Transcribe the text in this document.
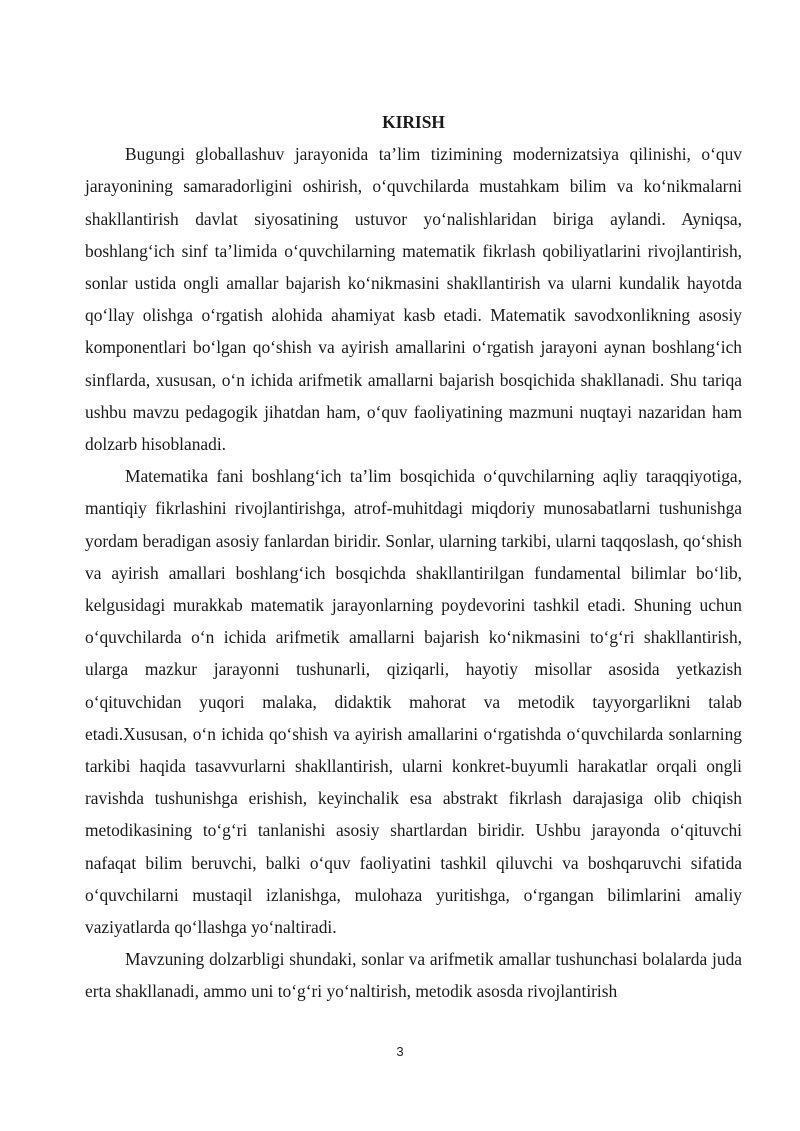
KIRISH

Bugungi globallashuv jarayonida ta’lim tizimining modernizatsiya qilinishi, o‘quv jarayonining samaradorligini oshirish, o‘quvchilarda mustahkam bilim va ko‘nikmalarni shakllantirish davlat siyosatining ustuvor yo‘nalishlaridan biriga aylandi. Ayniqsa, boshlang‘ich sinf ta’limida o‘quvchilarning matematik fikrlash qobiliyatlarini rivojlantirish, sonlar ustida ongli amallar bajarish ko‘nikmasini shakllantirish va ularni kundalik hayotda qo‘llay olishga o‘rgatish alohida ahamiyat kasb etadi. Matematik savodxonlikning asosiy komponentlari bo‘lgan qo‘shish va ayirish amallarini o‘rgatish jarayoni aynan boshlang‘ich sinflarda, xususan, o‘n ichida arifmetik amallarni bajarish bosqichida shakllanadi. Shu tariqa ushbu mavzu pedagogik jihatdan ham, o‘quv faoliyatining mazmuni nuqtayi nazaridan ham dolzarb hisoblanadi.

Matematika fani boshlang‘ich ta’lim bosqichida o‘quvchilarning aqliy taraqqiyotiga, mantiqiy fikrlashini rivojlantirishga, atrof-muhitdagi miqdoriy munosabatlarni tushunishga yordam beradigan asosiy fanlardan biridir. Sonlar, ularning tarkibi, ularni taqqoslash, qo‘shish va ayirish amallari boshlang‘ich bosqichda shakllantirilgan fundamental bilimlar bo‘lib, kelgusidagi murakkab matematik jarayonlarning poydevorini tashkil etadi. Shuning uchun o‘quvchilarda o‘n ichida arifmetik amallarni bajarish ko‘nikmasini to‘g‘ri shakllantirish, ularga mazkur jarayonni tushunarli, qiziqarli, hayotiy misollar asosida yetkazish o‘qituvchidan yuqori malaka, didaktik mahorat va metodik tayyorgarlikni talab etadi.Xususan, o‘n ichida qo‘shish va ayirish amallarini o‘rgatishda o‘quvchilarda sonlarning tarkibi haqida tasavvurlarni shakllantirish, ularni konkret-buyumli harakatlar orqali ongli ravishda tushunishga erishish, keyinchalik esa abstrakt fikrlash darajasiga olib chiqish metodikasining to‘g‘ri tanlanishi asosiy shartlardan biridir. Ushbu jarayonda o‘qituvchi nafaqat bilim beruvchi, balki o‘quv faoliyatini tashkil qiluvchi va boshqaruvchi sifatida o‘quvchilarni mustaqil izlanishga, mulohaza yuritishga, o‘rgangan bilimlarini amaliy vaziyatlarda qo‘llashga yo‘naltiradi.

Mavzuning dolzarbligi shundaki, sonlar va arifmetik amallar tushunchasi bolalarda juda erta shakllanadi, ammo uni to‘g‘ri yo‘naltirish, metodik asosda rivojlantirish

3
